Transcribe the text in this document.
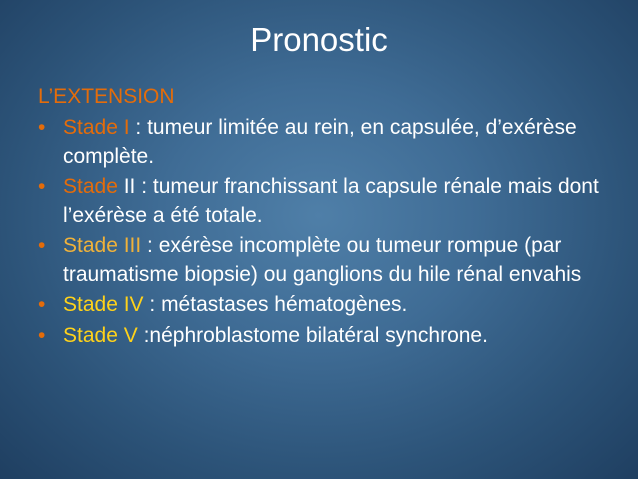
Pronostic
L’EXTENSION
• Stade I : tumeur limitée au rein, en capsulée, d’exérèse complète.
• Stade II : tumeur franchissant la capsule rénale mais dont l’exérèse a été totale.
• Stade III : exérèse incomplète ou tumeur rompue (par traumatisme biopsie) ou ganglions du hile rénal envahis
• Stade IV : métastases hématogènes.
• Stade V :néphroblastome bilatéral synchrone.
